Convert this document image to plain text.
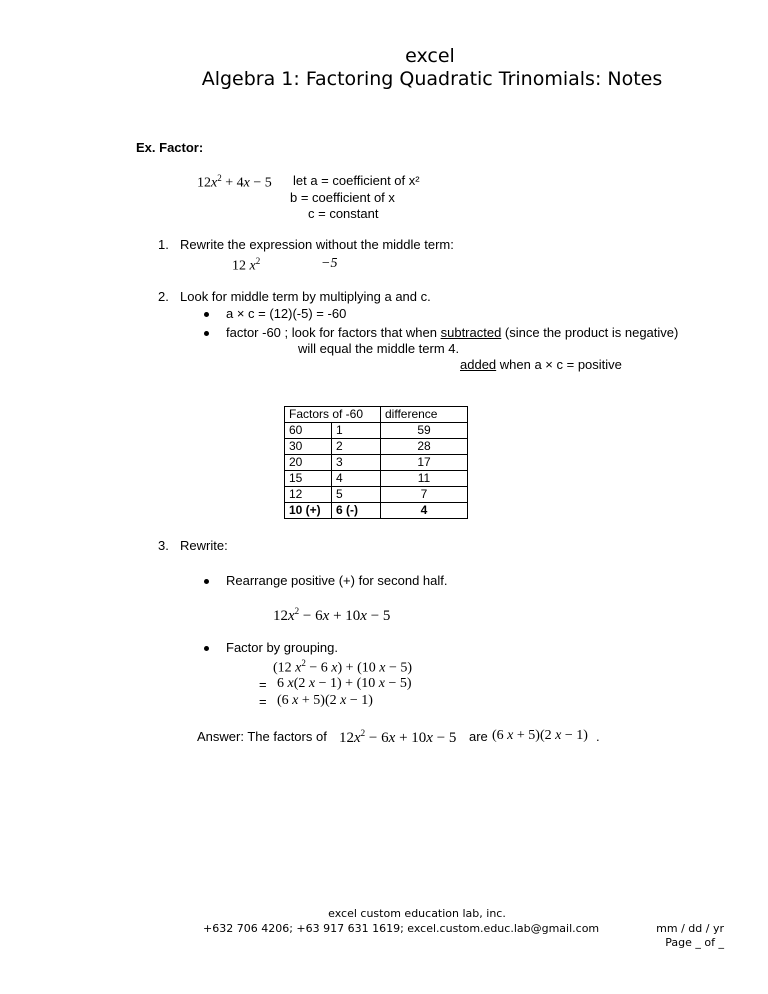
excel
Algebra 1: Factoring Quadratic Trinomials: Notes
Ex. Factor:
$12x^2 + 4x - 5$ let a = coefficient of x²
b = coefficient of x
c = constant
1. Rewrite the expression without the middle term:
12 $x^2$	−5
2. Look for middle term by multiplying a and c.
a × c = (12)(-5) = -60
factor -60 ; look for factors that when subtracted (since the product is negative)
will equal the middle term 4.
added when a × c = positive
Factors of -60		difference
60	1	59
30	2	28
20	3	17
15	4	11
12	5	7
10 (+)	6 (-)	4
3. Rewrite:
Rearrange positive (+) for second half.
$12x^2 - 6x + 10x - 5$
Factor by grouping.
(12 $x^2 - 6$ x) + (10 x − 5)
= 6 x(2 x − 1) + (10 x − 5)
= (6 x + 5)(2 x − 1)
Answer: The factors of $12x^2 - 6x + 10x - 5$ are (6 x + 5)(2 x − 1) .
excel custom education lab, inc.
+632 706 4206; +63 917 631 1619; excel.custom.educ.lab@gmail.com	mm / dd / yr
Page _ of _
